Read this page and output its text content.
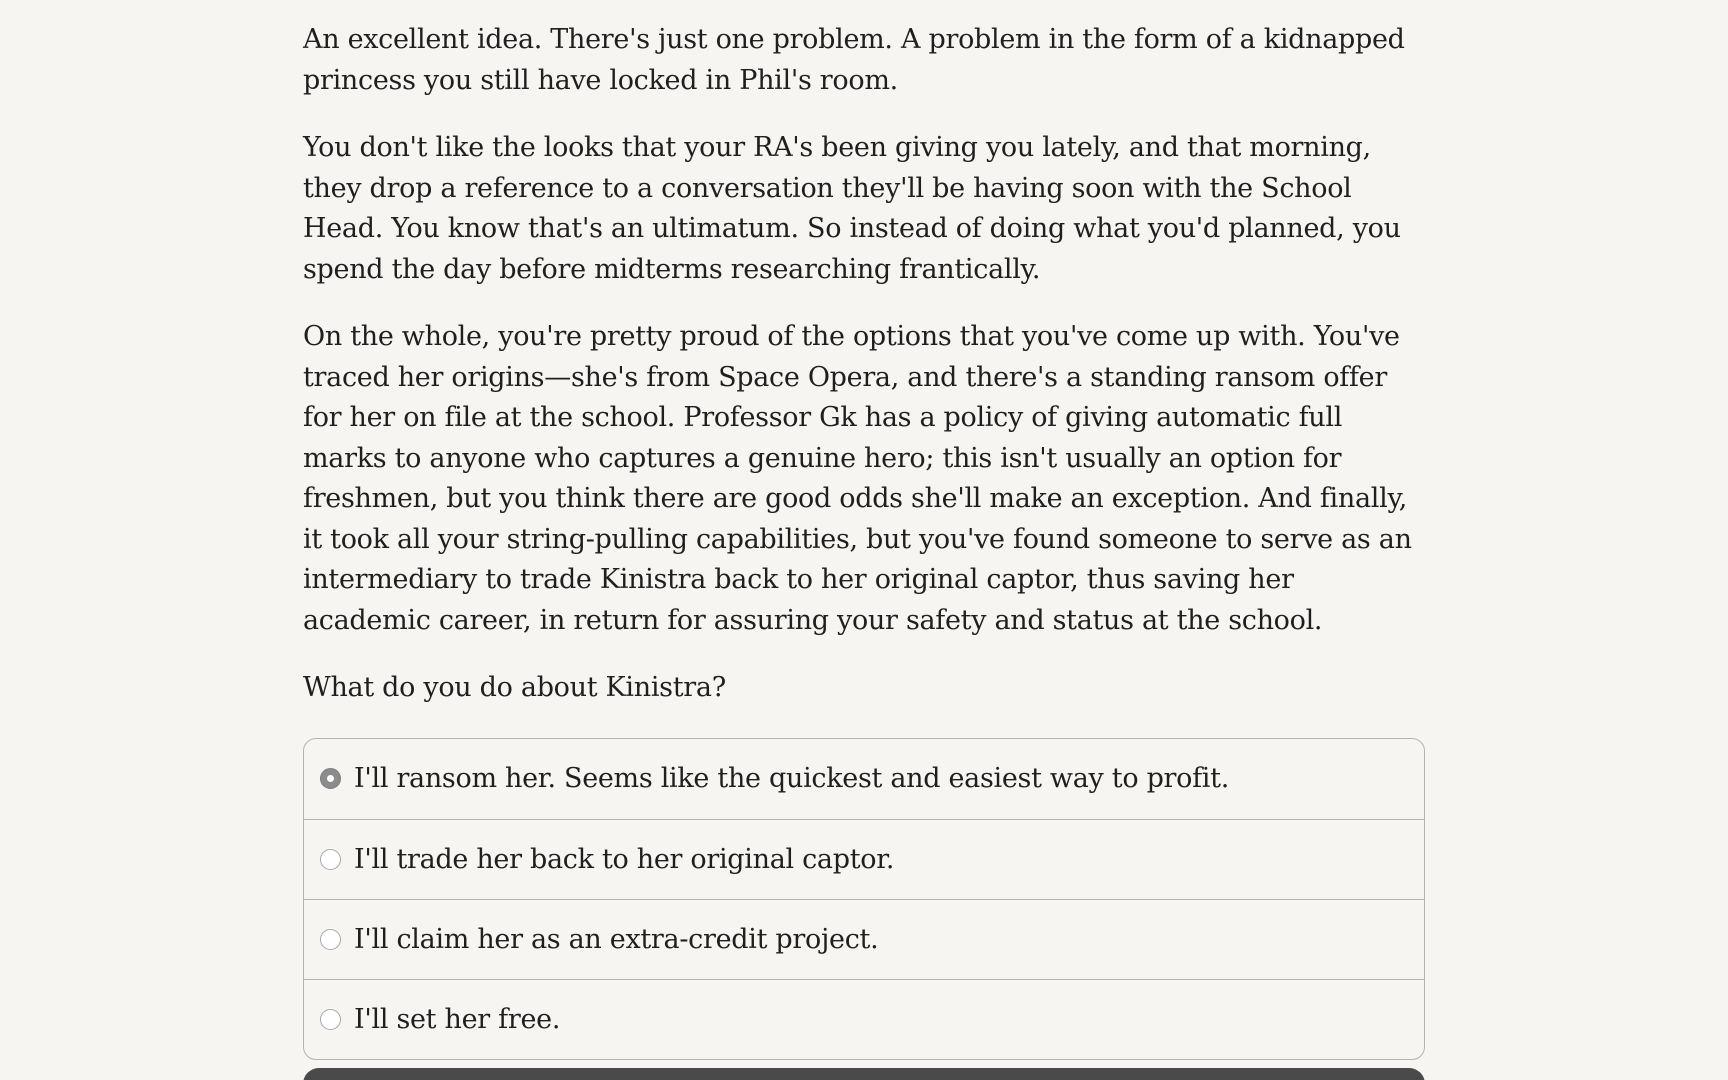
An excellent idea. There's just one problem. A problem in the form of a kidnapped princess you still have locked in Phil's room.

You don't like the looks that your RA's been giving you lately, and that morning, they drop a reference to a conversation they'll be having soon with the School Head. You know that's an ultimatum. So instead of doing what you'd planned, you spend the day before midterms researching frantically.

On the whole, you're pretty proud of the options that you've come up with. You've traced her origins—she's from Space Opera, and there's a standing ransom offer for her on file at the school. Professor Gk has a policy of giving automatic full marks to anyone who captures a genuine hero; this isn't usually an option for freshmen, but you think there are good odds she'll make an exception. And finally, it took all your string-pulling capabilities, but you've found someone to serve as an intermediary to trade Kinistra back to her original captor, thus saving her academic career, in return for assuring your safety and status at the school.

What do you do about Kinistra?

I'll ransom her. Seems like the quickest and easiest way to profit.
I'll trade her back to her original captor.
I'll claim her as an extra-credit project.
I'll set her free.
